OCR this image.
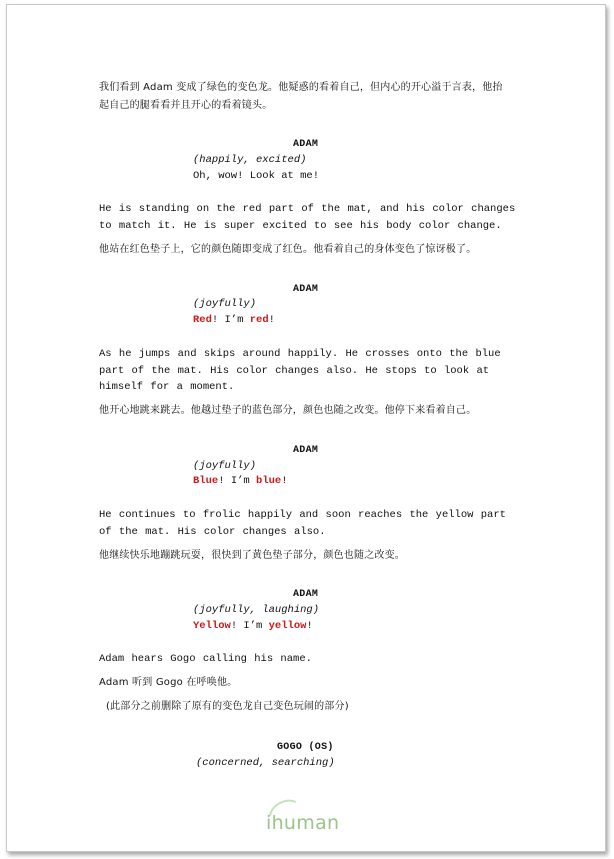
我们看到 Adam 变成了绿色的变色龙。他疑惑的看着自己，但内心的开心溢于言表，他抬起自己的腿看看并且开心的看着镜头。
ADAM
(happily, excited)
Oh, wow! Look at me!
He is standing on the red part of the mat, and his color changes
to match it. He is super excited to see his body color change.
他站在红色垫子上，它的颜色随即变成了红色。他看着自己的身体变色了惊讶极了。
ADAM
(joyfully)
Red! I’m red!
As he jumps and skips around happily. He crosses onto the blue
part of the mat. His color changes also. He stops to look at
himself for a moment.
他开心地跳来跳去。他越过垫子的蓝色部分，颜色也随之改变。他停下来看着自己。
ADAM
(joyfully)
Blue! I’m blue!
He continues to frolic happily and soon reaches the yellow part
of the mat. His color changes also.
他继续快乐地蹦跳玩耍，很快到了黄色垫子部分，颜色也随之改变。
ADAM
(joyfully, laughing)
Yellow! I’m yellow!
Adam hears Gogo calling his name.
Adam 听到 Gogo 在呼唤他。
(此部分之前删除了原有的变色龙自己变色玩闹的部分)
GOGO (OS)
(concerned, searching)
ihuman
